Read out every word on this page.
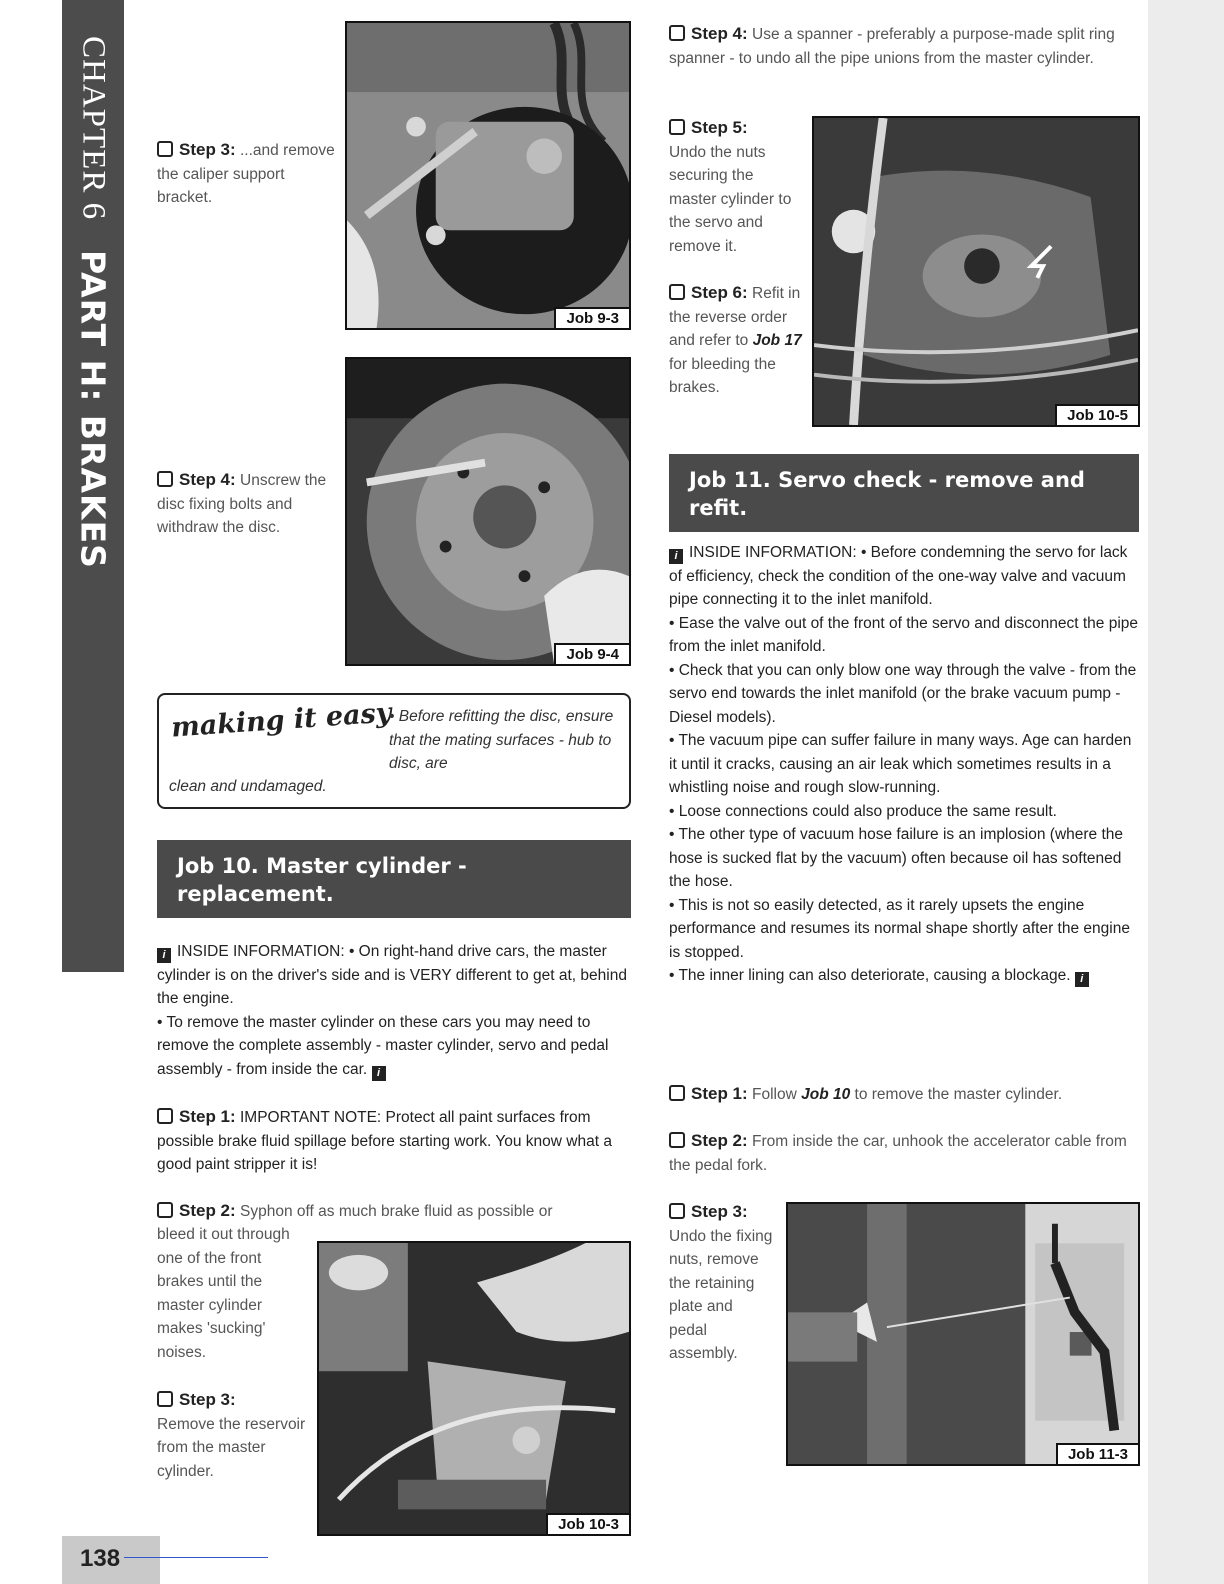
CHAPTER 6
PART H: BRAKES
138

Step 3: ...and remove the caliper support bracket.

Job 9-3

Step 4: Unscrew the disc fixing bolts and withdraw the disc.

Job 9-4
making it easy
• Before refitting the disc, ensure that the mating surfaces - hub to disc, are
clean and undamaged.
Job 10. Master cylinder - replacement.

i INSIDE INFORMATION: • On right-hand drive cars, the master cylinder is on the driver's side and is VERY different to get at, behind the engine.

• To remove the master cylinder on these cars you may need to remove the complete assembly - master cylinder, servo and pedal assembly - from inside the car. i

Step 1: IMPORTANT NOTE: Protect all paint surfaces from possible brake fluid spillage before starting work. You know what a good paint stripper it is!

Step 2: Syphon off as much brake fluid as possible or

bleed it out through one of the front brakes until the master cylinder makes 'sucking' noises.

Step 3:

Remove the reservoir from the master cylinder.

Job 10-3

Step 4: Use a spanner - preferably a purpose-made split ring spanner - to undo all the pipe unions from the master cylinder.

Step 5:

Undo the nuts securing the master cylinder to the servo and remove it.

Step 6: Refit in the reverse order and refer to Job 17 for bleeding the brakes.

Job 10-5
Job 11. Servo check - remove and refit.

i INSIDE INFORMATION: • Before condemning the servo for lack of efficiency, check the condition of the one-way valve and vacuum pipe connecting it to the inlet manifold.

• Ease the valve out of the front of the servo and disconnect the pipe from the inlet manifold.

• Check that you can only blow one way through the valve - from the servo end towards the inlet manifold (or the brake vacuum pump - Diesel models).

• The vacuum pipe can suffer failure in many ways. Age can harden it until it cracks, causing an air leak which sometimes results in a whistling noise and rough slow-running.

• Loose connections could also produce the same result.

• The other type of vacuum hose failure is an implosion (where the hose is sucked flat by the vacuum) often because oil has softened the hose.

• This is not so easily detected, as it rarely upsets the engine performance and resumes its normal shape shortly after the engine is stopped.

• The inner lining can also deteriorate, causing a blockage. i

Step 1: Follow Job 10 to remove the master cylinder.

Step 2: From inside the car, unhook the accelerator cable from the pedal fork.

Step 3:

Undo the fixing nuts, remove the retaining plate and pedal assembly.

Job 11-3
